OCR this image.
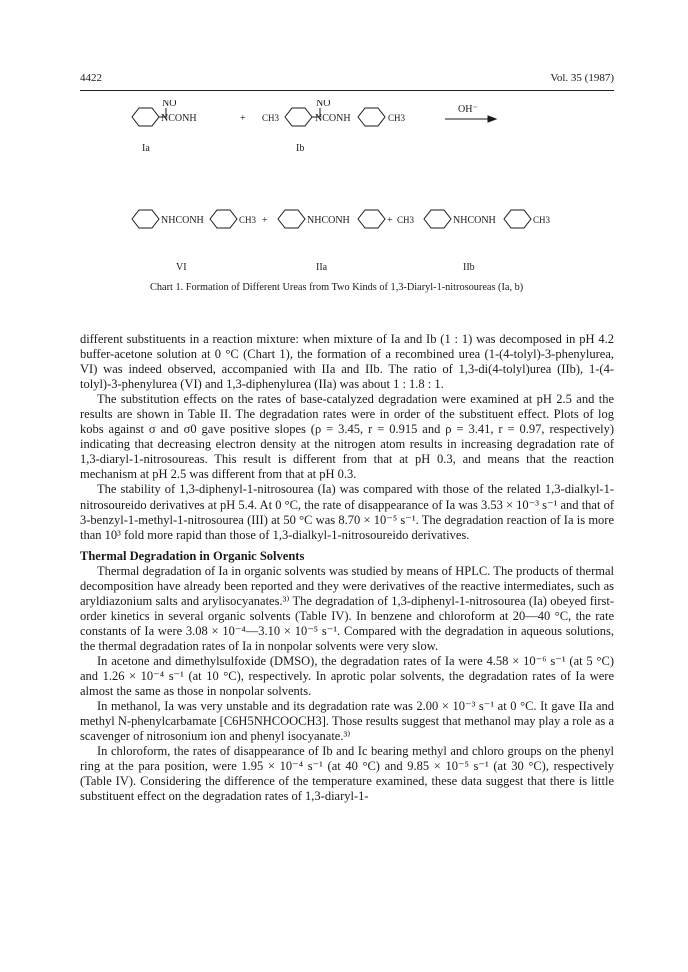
4422	Vol. 35 (1987)
NO
NCONH	+ CH3
NO
NCONH	CH3
OH⁻
Ia	Ib
NHCONH	CH3 +	NHCONH	+ CH3	NHCONH	CH3
VI	IIa	IIb
Chart 1. Formation of Different Ureas from Two Kinds of 1,3-Diaryl-1-nitrosoureas (Ia, b)

different substituents in a reaction mixture: when mixture of Ia and Ib (1 : 1) was decomposed in pH 4.2 buffer-acetone solution at 0 °C (Chart 1), the formation of a recombined urea (1-(4-tolyl)-3-phenylurea, VI) was indeed observed, accompanied with IIa and IIb. The ratio of 1,3-di(4-tolyl)urea (IIb), 1-(4-tolyl)-3-phenylurea (VI) and 1,3-diphenylurea (IIa) was about 1 : 1.8 : 1.

The substitution effects on the rates of base-catalyzed degradation were examined at pH 2.5 and the results are shown in Table II. The degradation rates were in order of the substituent effect. Plots of log kobs against σ and σ0 gave positive slopes (ρ = 3.45, r = 0.915 and ρ = 3.41, r = 0.97, respectively) indicating that decreasing electron density at the nitrogen atom results in increasing degradation rate of 1,3-diaryl-1-nitrosoureas. This result is different from that at pH 0.3, and means that the reaction mechanism at pH 2.5 was different from that at pH 0.3.

The stability of 1,3-diphenyl-1-nitrosourea (Ia) was compared with those of the related 1,3-dialkyl-1-nitrosoureido derivatives at pH 5.4. At 0 °C, the rate of disappearance of Ia was 3.53 × 10⁻³ s⁻¹ and that of 3-benzyl-1-methyl-1-nitrosourea (III) at 50 °C was 8.70 × 10⁻⁵ s⁻¹. The degradation reaction of Ia is more than 10³ fold more rapid than those of 1,3-dialkyl-1-nitrosoureido derivatives.

Thermal Degradation in Organic Solvents

Thermal degradation of Ia in organic solvents was studied by means of HPLC. The products of thermal decomposition have already been reported and they were derivatives of the reactive intermediates, such as aryldiazonium salts and arylisocyanates.³⁾ The degradation of 1,3-diphenyl-1-nitrosourea (Ia) obeyed first-order kinetics in several organic solvents (Table IV). In benzene and chloroform at 20—40 °C, the rate constants of Ia were 3.08 × 10⁻⁴—3.10 × 10⁻⁵ s⁻¹. Compared with the degradation in aqueous solutions, the thermal degradation rates of Ia in nonpolar solvents were very slow.

In acetone and dimethylsulfoxide (DMSO), the degradation rates of Ia were 4.58 × 10⁻⁶ s⁻¹ (at 5 °C) and 1.26 × 10⁻⁴ s⁻¹ (at 10 °C), respectively. In aprotic polar solvents, the degradation rates of Ia were almost the same as those in nonpolar solvents.

In methanol, Ia was very unstable and its degradation rate was 2.00 × 10⁻³ s⁻¹ at 0 °C. It gave IIa and methyl N-phenylcarbamate [C6H5NHCOOCH3]. Those results suggest that methanol may play a role as a scavenger of nitrosonium ion and phenyl isocyanate.³⁾

In chloroform, the rates of disappearance of Ib and Ic bearing methyl and chloro groups on the phenyl ring at the para position, were 1.95 × 10⁻⁴ s⁻¹ (at 40 °C) and 9.85 × 10⁻⁵ s⁻¹ (at 30 °C), respectively (Table IV). Considering the difference of the temperature examined, these data suggest that there is little substituent effect on the degradation rates of 1,3-diaryl-1-
